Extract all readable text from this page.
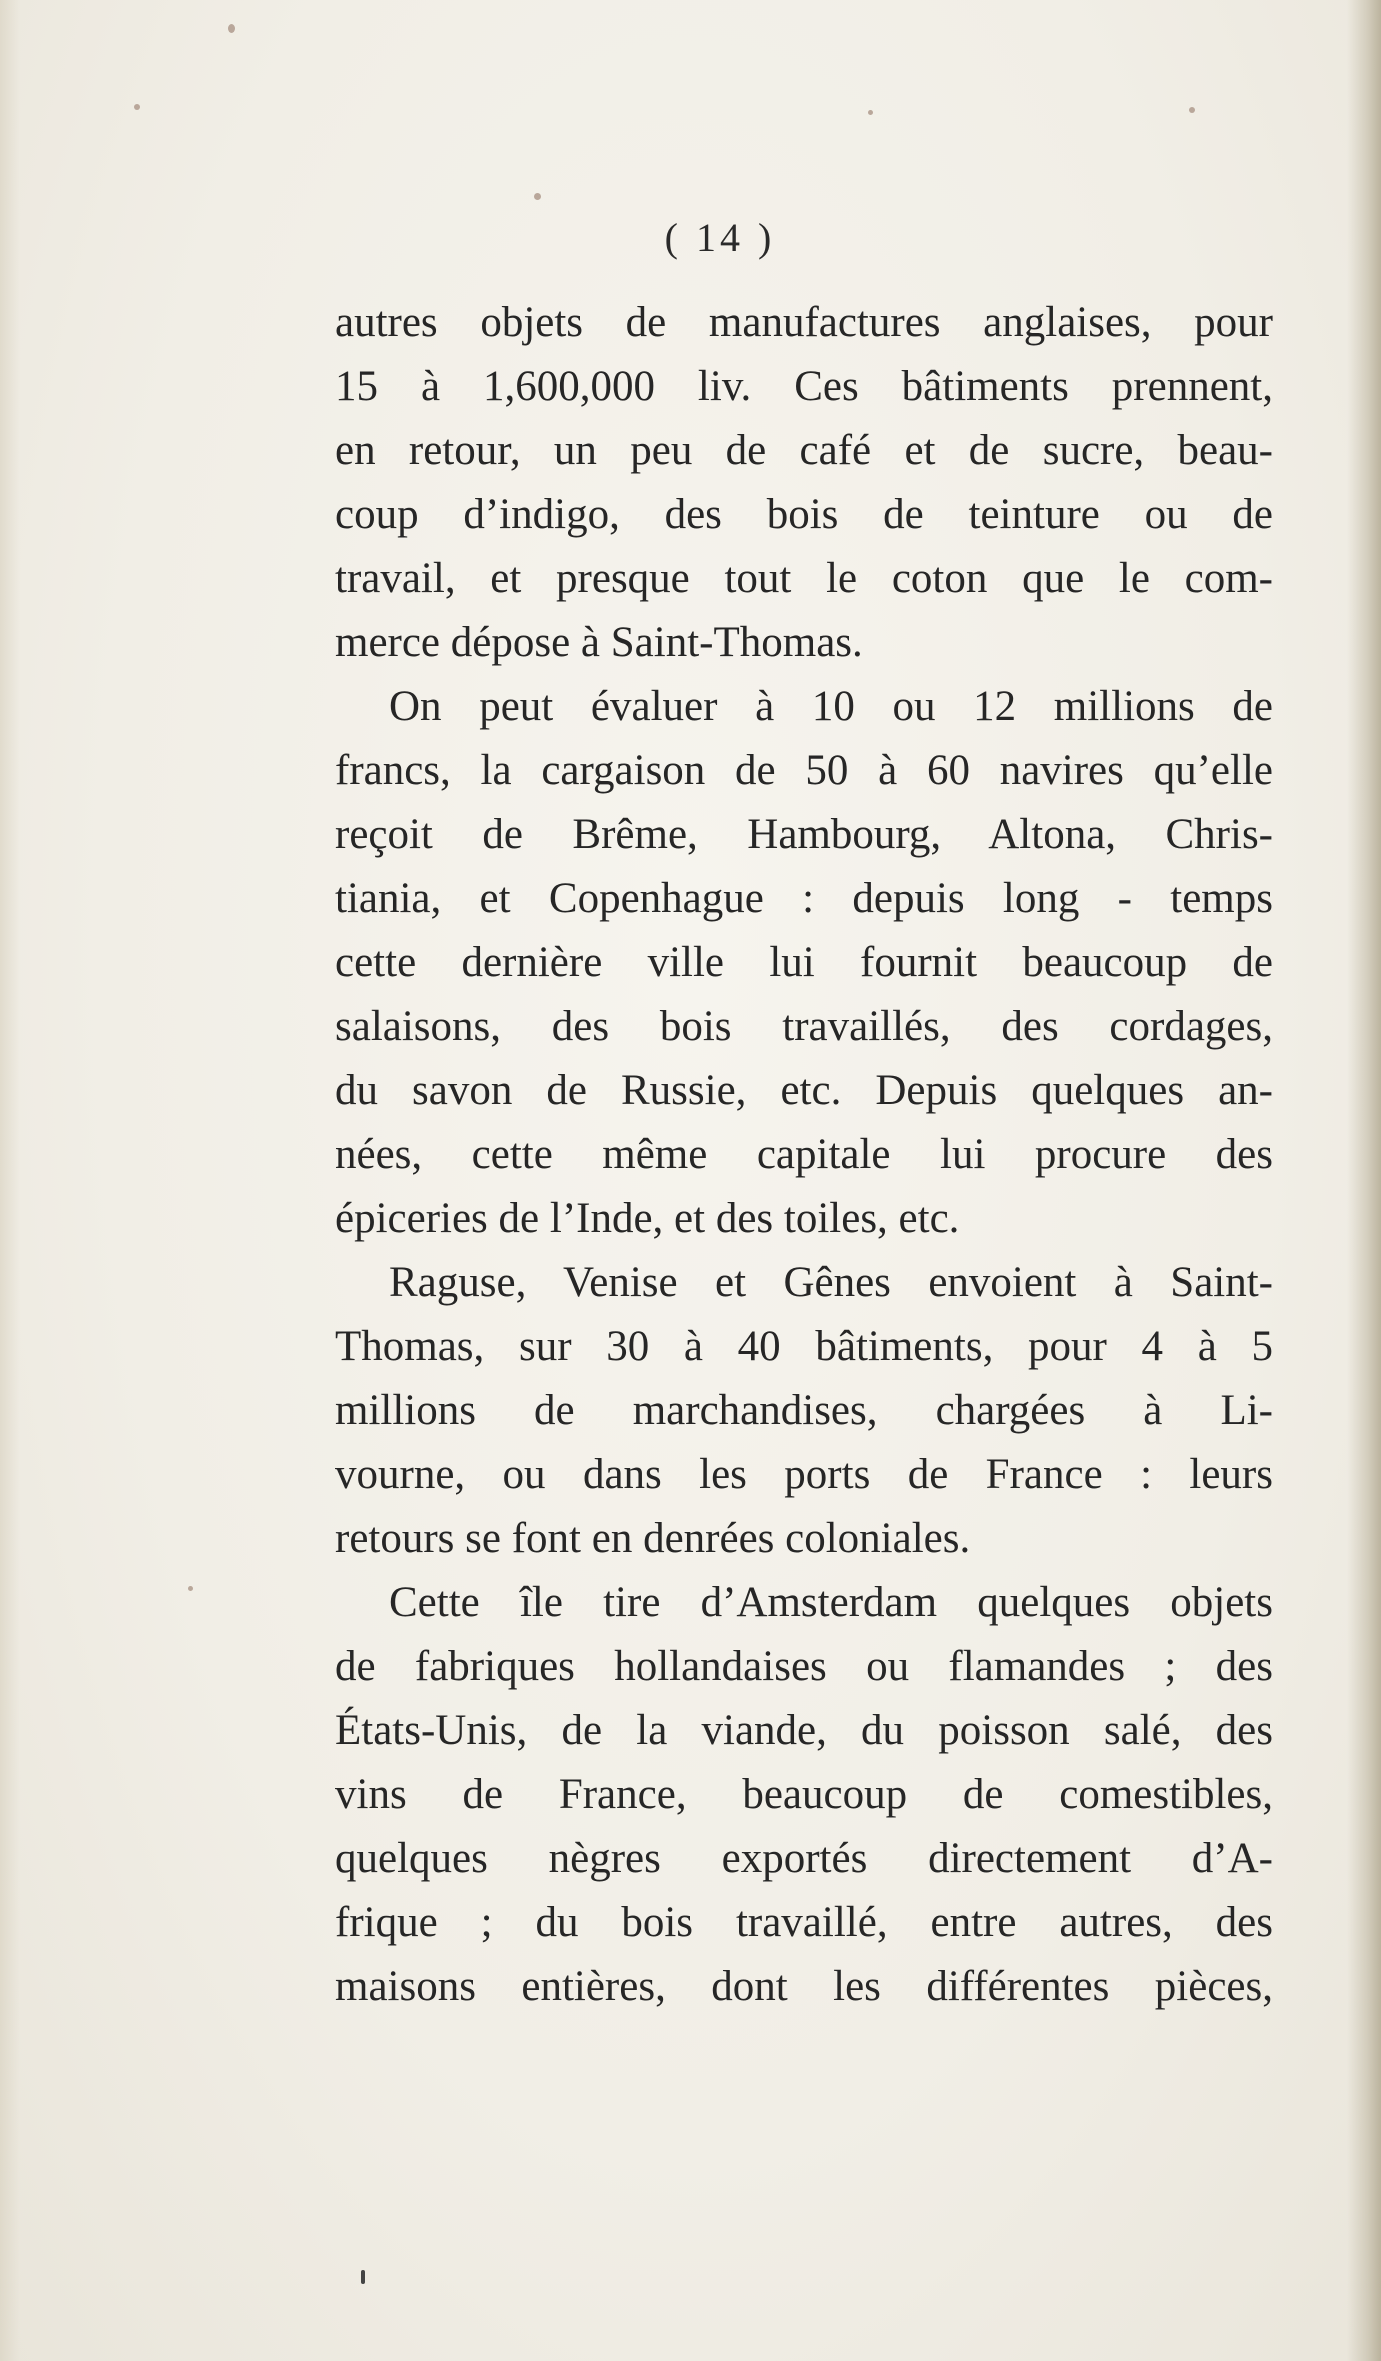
( 14 )
autres objets de manufactures anglaises, pour
15 à 1,600,000 liv. Ces bâtiments prennent,
en retour, un peu de café et de sucre, beau-
coup d’indigo, des bois de teinture ou de
travail, et presque tout le coton que le com-
merce dépose à Saint-Thomas.
On peut évaluer à 10 ou 12 millions de
francs, la cargaison de 50 à 60 navires qu’elle
reçoit de Brême, Hambourg, Altona, Chris-
tiania, et Copenhague : depuis long - temps
cette dernière ville lui fournit beaucoup de
salaisons, des bois travaillés, des cordages,
du savon de Russie, etc. Depuis quelques an-
nées, cette même capitale lui procure des
épiceries de l’Inde, et des toiles, etc.
Raguse, Venise et Gênes envoient à Saint-
Thomas, sur 30 à 40 bâtiments, pour 4 à 5
millions de marchandises, chargées à Li-
vourne, ou dans les ports de France : leurs
retours se font en denrées coloniales.
Cette île tire d’Amsterdam quelques objets
de fabriques hollandaises ou flamandes ; des
États-Unis, de la viande, du poisson salé, des
vins de France, beaucoup de comestibles,
quelques nègres exportés directement d’A-
frique ; du bois travaillé, entre autres, des
maisons entières, dont les différentes pièces,
